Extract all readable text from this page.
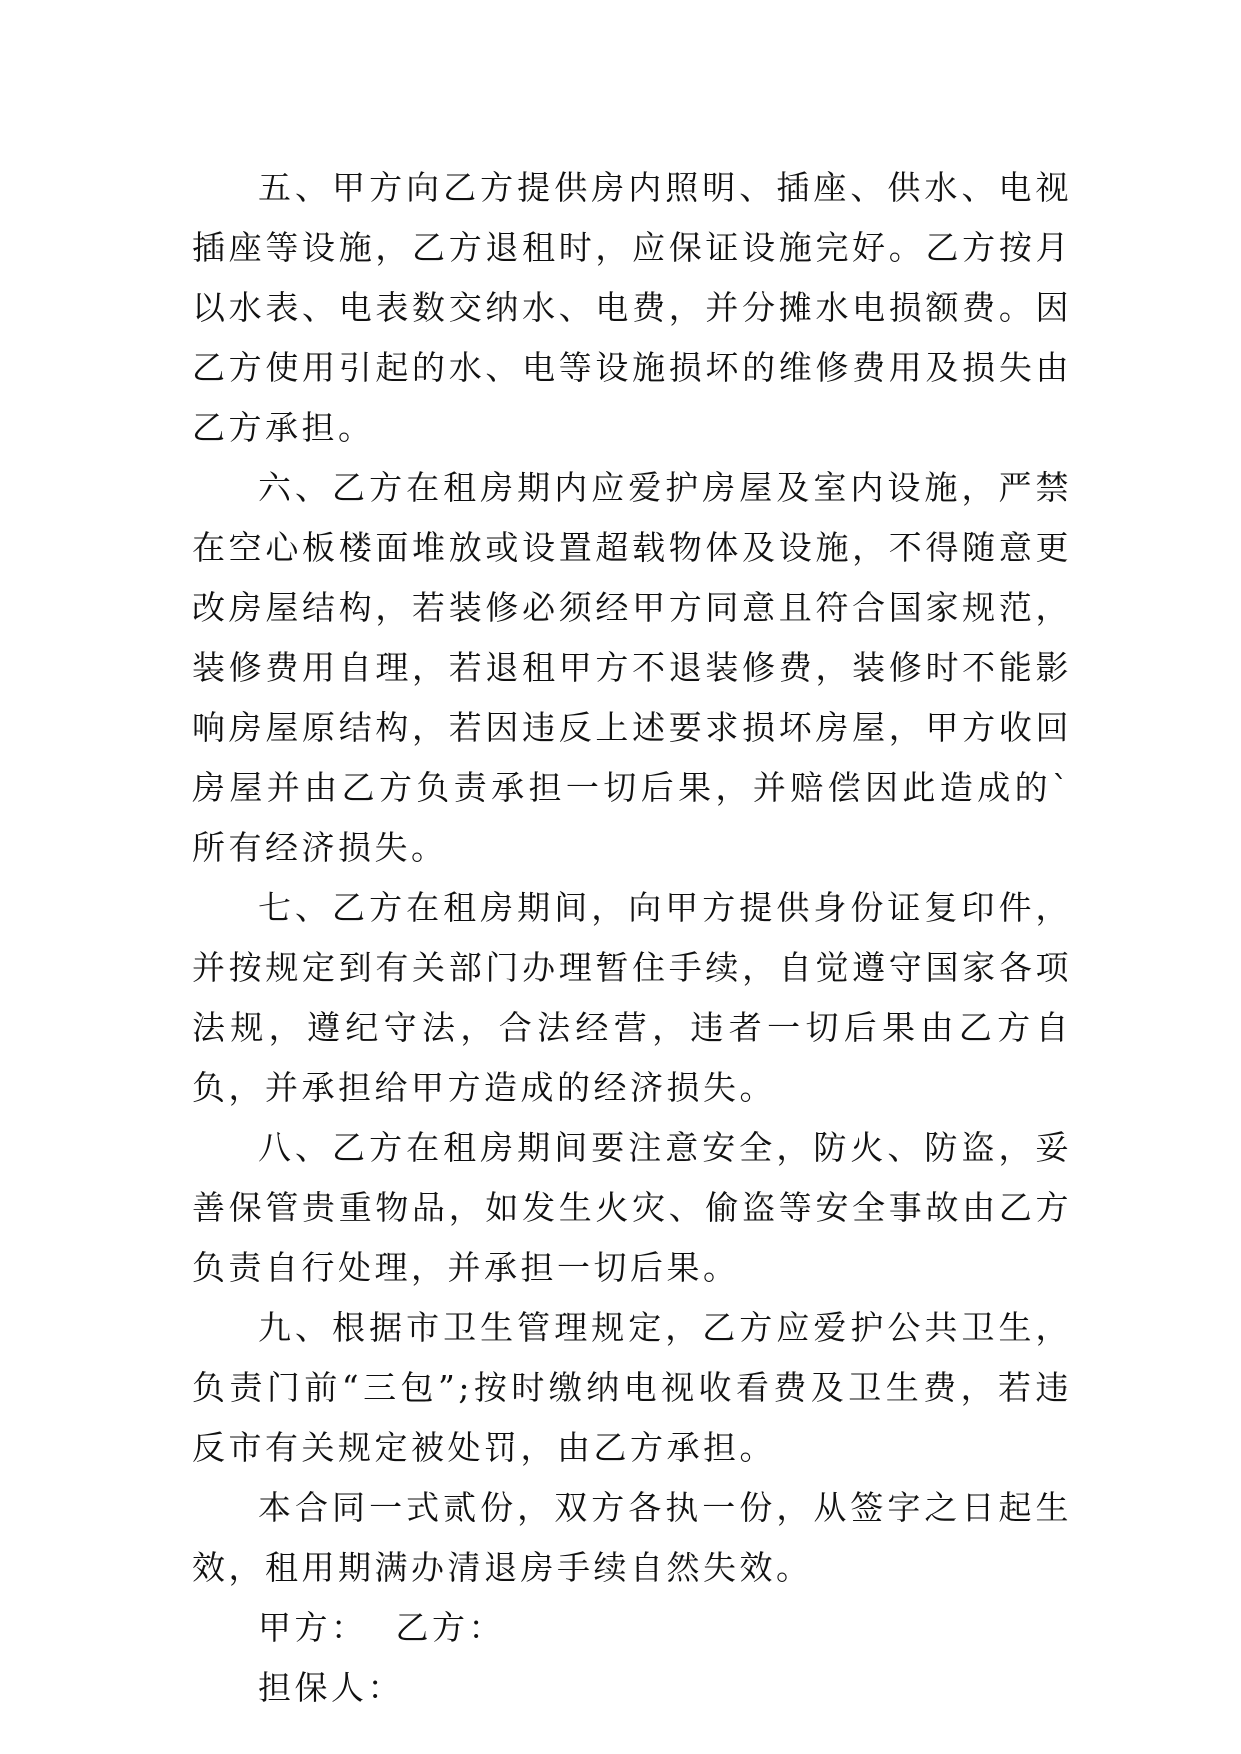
五、甲方向乙方提供房内照明、插座、供水、电视插座等设施，乙方退租时，应保证设施完好。乙方按月以水表、电表数交纳水、电费，并分摊水电损额费。因乙方使用引起的水、电等设施损坏的维修费用及损失由乙方承担。

六、乙方在租房期内应爱护房屋及室内设施，严禁在空心板楼面堆放或设置超载物体及设施，不得随意更改房屋结构，若装修必须经甲方同意且符合国家规范，装修费用自理，若退租甲方不退装修费，装修时不能影响房屋原结构，若因违反上述要求损坏房屋，甲方收回房屋并由乙方负责承担一切后果，并赔偿因此造成的`所有经济损失。

七、乙方在租房期间，向甲方提供身份证复印件，并按规定到有关部门办理暂住手续，自觉遵守国家各项法规，遵纪守法，合法经营，违者一切后果由乙方自负，并承担给甲方造成的经济损失。

八、乙方在租房期间要注意安全，防火、防盗，妥善保管贵重物品，如发生火灾、偷盗等安全事故由乙方负责自行处理，并承担一切后果。

九、根据市卫生管理规定，乙方应爱护公共卫生，负责门前“三包”;按时缴纳电视收看费及卫生费，若违反市有关规定被处罚，由乙方承担。

本合同一式贰份，双方各执一份，从签字之日起生效，租用期满办清退房手续自然失效。

甲方： 乙方：
担保人：
